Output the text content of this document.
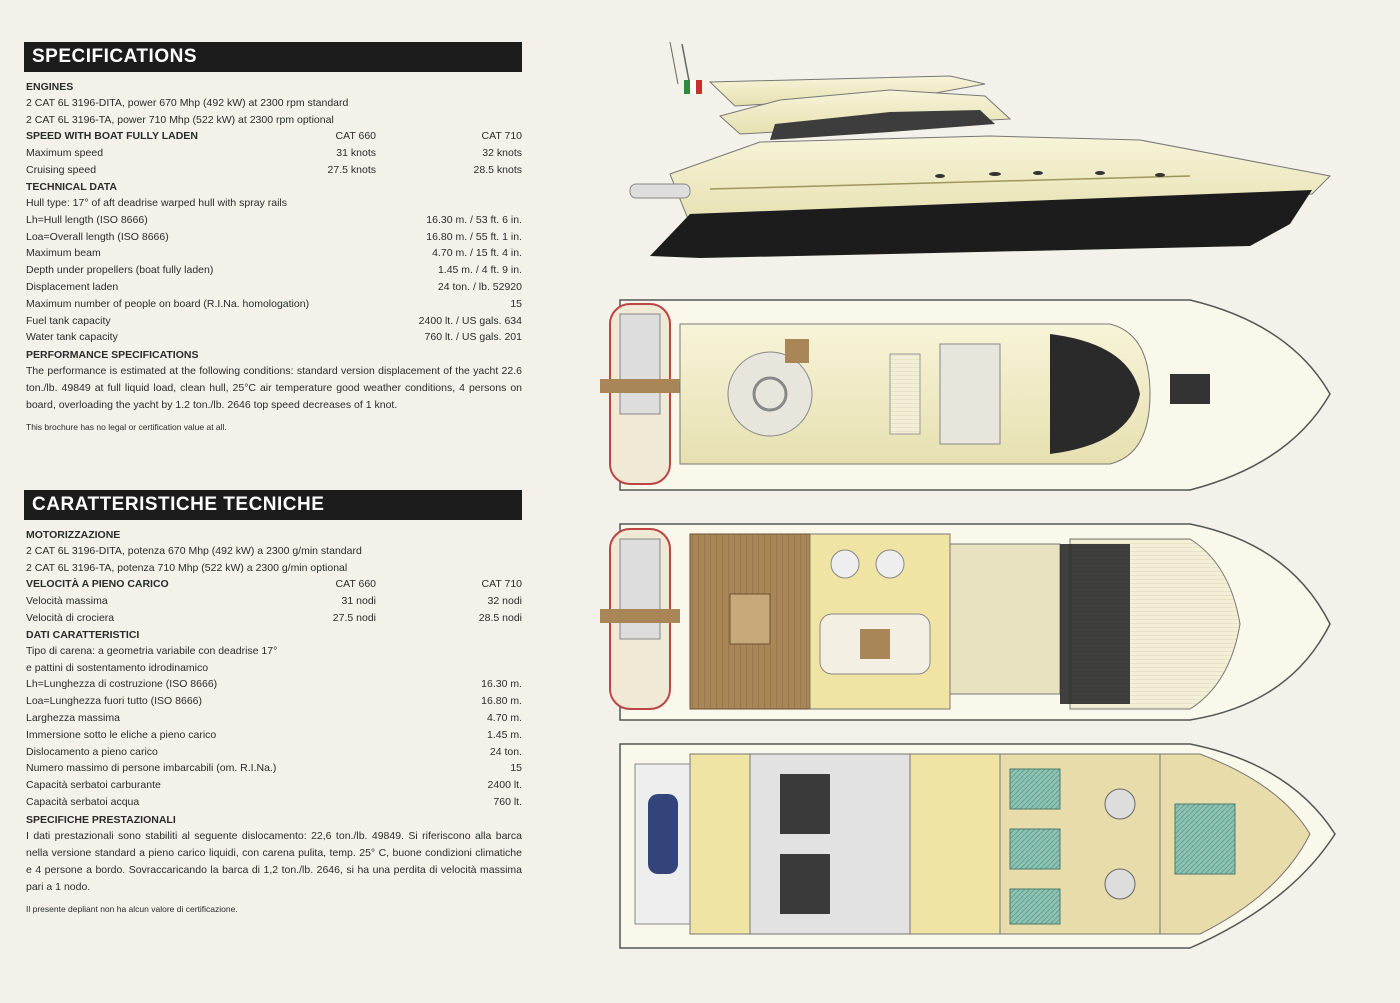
SPECIFICATIONS
ENGINES
2 CAT 6L 3196-DITA, power 670 Mhp (492 kW) at 2300 rpm standard
2 CAT 6L 3196-TA, power 710 Mhp (522 kW) at 2300 rpm optional
SPEED WITH BOAT FULLY LADEN	CAT 660	CAT 710
Maximum speed	31 knots	32 knots
Cruising speed	27.5 knots	28.5 knots
TECHNICAL DATA
Hull type: 17° of aft deadrise warped hull with spray rails
Lh=Hull length (ISO 8666)	16.30 m. / 53 ft. 6 in.
Loa=Overall length (ISO 8666)	16.80 m. / 55 ft. 1 in.
Maximum beam	4.70 m. / 15 ft. 4 in.
Depth under propellers (boat fully laden)	1.45 m. / 4 ft. 9 in.
Displacement laden	24 ton. / lb. 52920
Maximum number of people on board (R.I.Na. homologation)	15
Fuel tank capacity	2400 lt. / US gals. 634
Water tank capacity	760 lt. / US gals. 201
PERFORMANCE SPECIFICATIONS
The performance is estimated at the following conditions: standard version displacement of the yacht 22.6 ton./lb. 49849 at full liquid load, clean hull, 25°C air temperature good weather conditions, 4 persons on board, overloading the yacht by 1.2 ton./lb. 2646 top speed decreases of 1 knot.
This brochure has no legal or certification value at all.
CARATTERISTICHE TECNICHE
MOTORIZZAZIONE
2 CAT 6L 3196-DITA, potenza 670 Mhp (492 kW) a 2300 g/min standard
2 CAT 6L 3196-TA, potenza 710 Mhp (522 kW) a 2300 g/min optional
VELOCITÀ A PIENO CARICO	CAT 660	CAT 710
Velocità massima	31 nodi	32 nodi
Velocità di crociera	27.5 nodi	28.5 nodi
DATI CARATTERISTICI
Tipo di carena: a geometria variabile con deadrise 17°
e pattini di sostentamento idrodinamico
Lh=Lunghezza di costruzione (ISO 8666)	16.30 m.
Loa=Lunghezza fuori tutto (ISO 8666)	16.80 m.
Larghezza massima	4.70 m.
Immersione sotto le eliche a pieno carico	1.45 m.
Dislocamento a pieno carico	24 ton.
Numero massimo di persone imbarcabili (om. R.I.Na.)	15
Capacità serbatoi carburante	2400 lt.
Capacità serbatoi acqua	760 lt.
SPECIFICHE PRESTAZIONALI
I dati prestazionali sono stabiliti al seguente dislocamento: 22,6 ton./lb. 49849. Si riferiscono alla barca nella versione standard a pieno carico liquidi, con carena pulita, temp. 25° C, buone condizioni climatiche e 4 persone a bordo. Sovraccaricando la barca di 1,2 ton./lb. 2646, si ha una perdita di velocità massima pari a 1 nodo.
Il presente depliant non ha alcun valore di certificazione.
